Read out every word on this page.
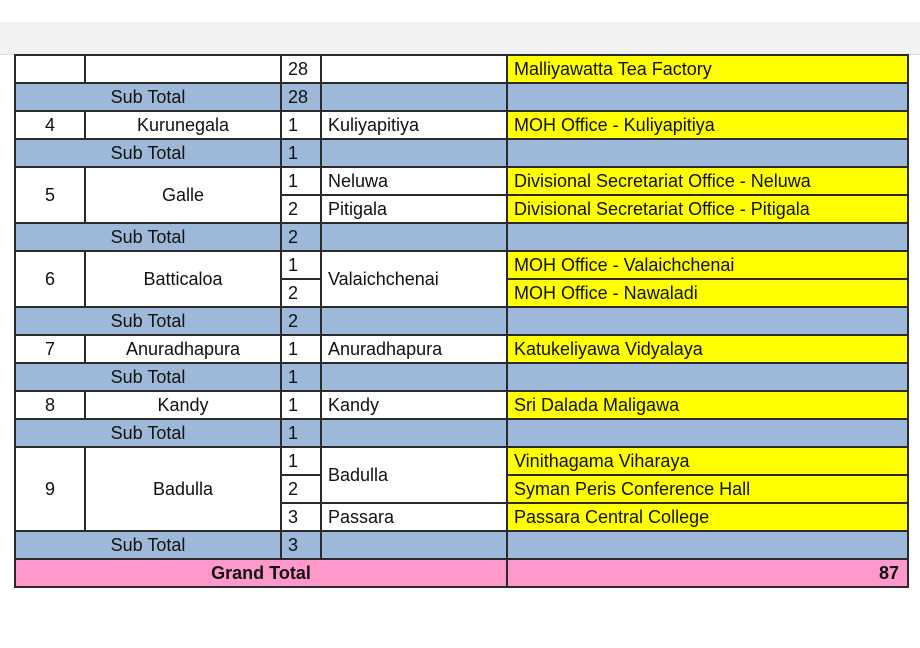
		28		Malliyawatta Tea Factory
Sub Total		28		
4	Kurunegala	1	Kuliyapitiya	MOH Office - Kuliyapitiya
Sub Total		1		
5	Galle	1	Neluwa	Divisional Secretariat Office - Neluwa
		2	Pitigala	Divisional Secretariat Office - Pitigala
Sub Total		2		
6	Batticaloa	1	Valaichchenai	MOH Office - Valaichchenai
		2		MOH Office - Nawaladi
Sub Total		2		
7	Anuradhapura	1	Anuradhapura	Katukeliyawa Vidyalaya
Sub Total		1		
8	Kandy	1	Kandy	Sri Dalada Maligawa
Sub Total		1		
9	Badulla	1	Badulla	Vinithagama Viharaya
		2		Syman Peris Conference Hall
		3	Passara	Passara Central College
Sub Total		3		
Grand Total				87
